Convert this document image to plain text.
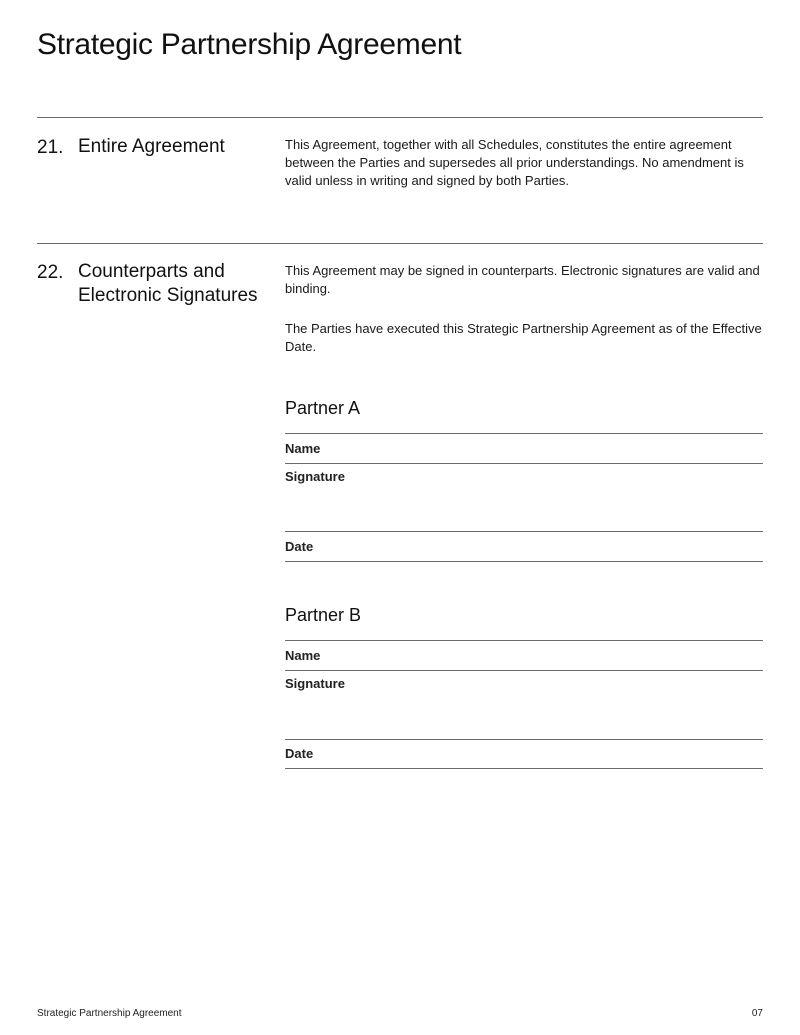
Strategic Partnership Agreement
21. Entire Agreement	This Agreement, together with all Schedules, constitutes the entire agreement between the Parties and supersedes all prior understandings. No amendment is valid unless in writing and signed by both Parties.
22. Counterparts and Electronic Signatures
This Agreement may be signed in counterparts. Electronic signatures are valid and binding.
The Parties have executed this Strategic Partnership Agreement as of the Effective Date.
Partner A
Name
Signature
Date
Partner B
Name
Signature
Date
Strategic Partnership Agreement	07
